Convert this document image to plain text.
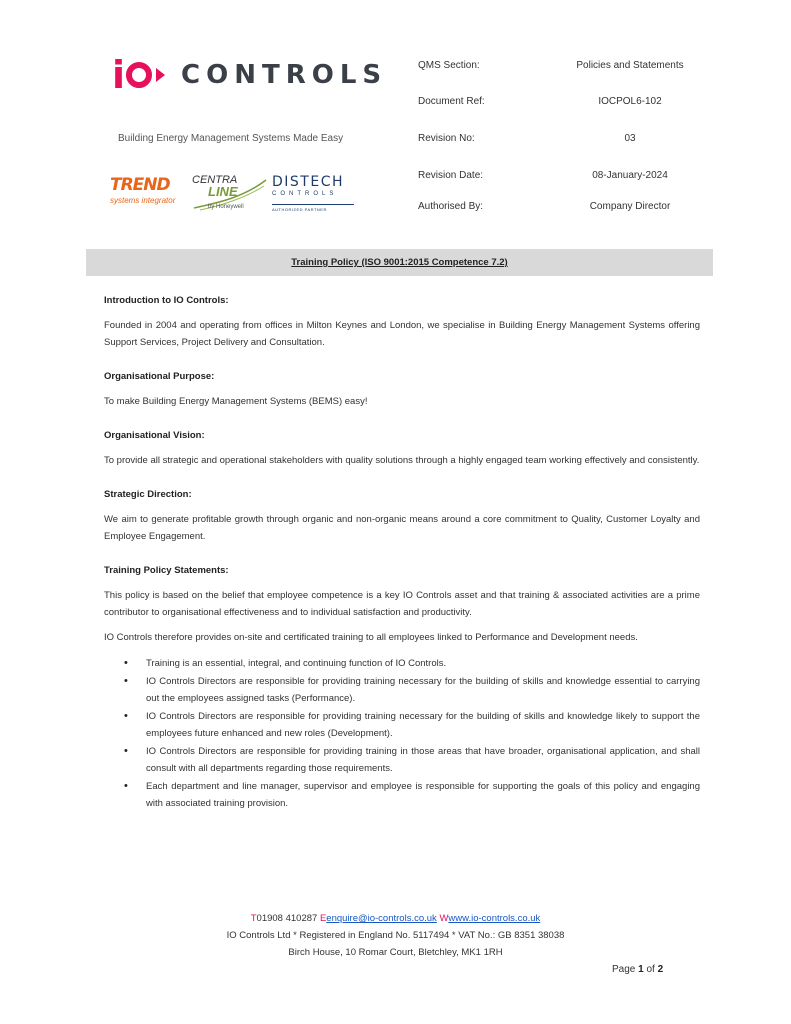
i CONTROLS
Building Energy Management Systems Made Easy
TREND
systems integrator
CENTRA
LINE
by Honeywell
DISTECH
CONTROLS
AUTHORIZED PARTNER
QMS Section:	Policies and Statements
Document Ref:	IOCPOL6-102
Revision No:	03
Revision Date:	08-January-2024
Authorised By:	Company Director
Training Policy (ISO 9001:2015 Competence 7.2)
Introduction to IO Controls:

Founded in 2004 and operating from offices in Milton Keynes and London, we specialise in Building Energy Management Systems offering Support Services, Project Delivery and Consultation.

Organisational Purpose:

To make Building Energy Management Systems (BEMS) easy!

Organisational Vision:

To provide all strategic and operational stakeholders with quality solutions through a highly engaged team working effectively and consistently.

Strategic Direction:

We aim to generate profitable growth through organic and non-organic means around a core commitment to Quality, Customer Loyalty and Employee Engagement.

Training Policy Statements:

This policy is based on the belief that employee competence is a key IO Controls asset and that training & associated activities are a prime contributor to organisational effectiveness and to individual satisfaction and productivity.

IO Controls therefore provides on-site and certificated training to all employees linked to Performance and Development needs.

• Training is an essential, integral, and continuing function of IO Controls.
• IO Controls Directors are responsible for providing training necessary for the building of skills and knowledge essential to carrying out the employees assigned tasks (Performance).
• IO Controls Directors are responsible for providing training necessary for the building of skills and knowledge likely to support the employees future enhanced and new roles (Development).
• IO Controls Directors are responsible for providing training in those areas that have broader, organisational application, and shall consult with all departments regarding those requirements.
• Each department and line manager, supervisor and employee is responsible for supporting the goals of this policy and engaging with associated training provision.
T01908 410287 Eenquire@io-controls.co.uk Wwww.io-controls.co.uk
IO Controls Ltd * Registered in England No. 5117494 * VAT No.: GB 8351 38038
Birch House, 10 Romar Court, Bletchley, MK1 1RH
Page 1 of 2
